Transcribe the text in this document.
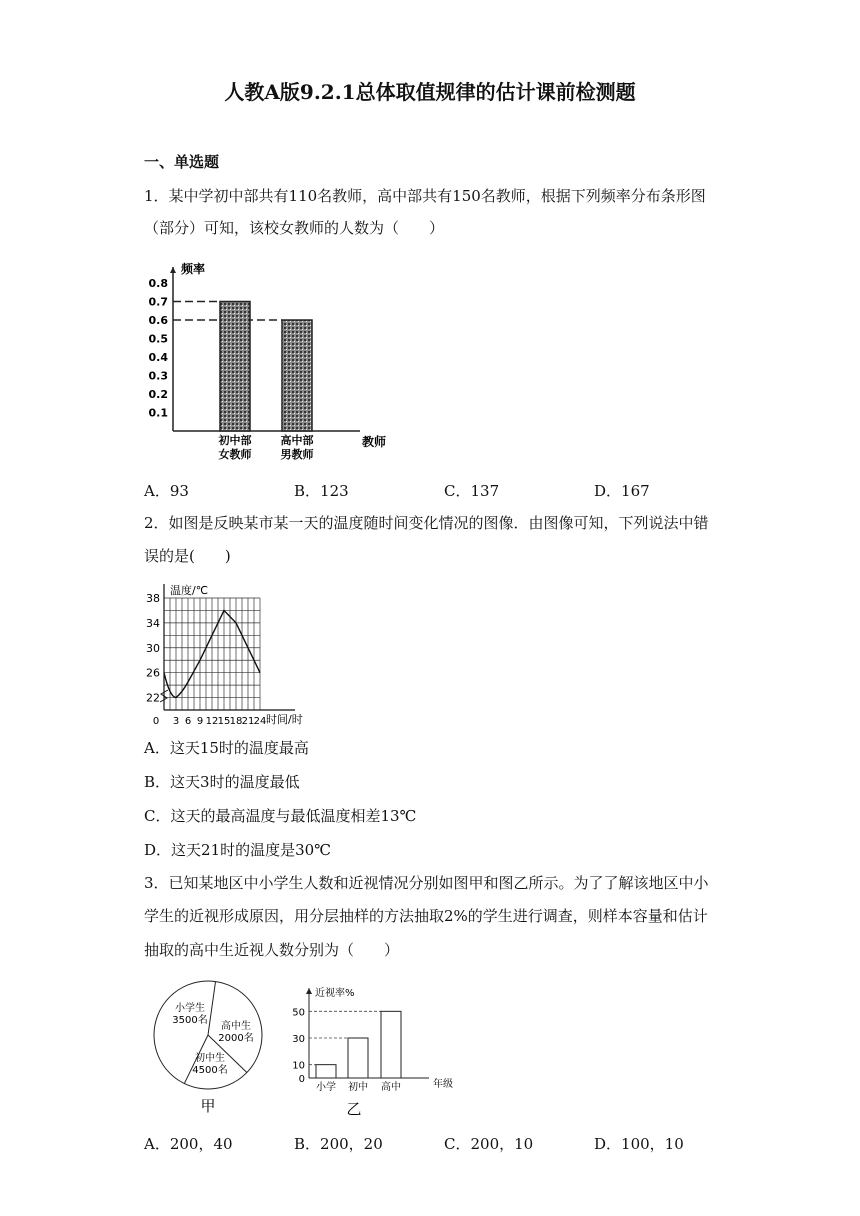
人教A版9.2.1总体取值规律的估计课前检测题
一、单选题
1．某中学初中部共有110名教师，高中部共有150名教师，根据下列频率分布条形图
（部分）可知，该校女教师的人数为（　　）
频率
教师
0.1
0.2
0.3
0.4
0.5
0.6
0.7
0.8
初中部
女教师
高中部
男教师
A．93	B．123	C．137	D．167
2．如图是反映某市某一天的温度随时间变化情况的图像．由图像可知，下列说法中错
误的是(　　)
温度/℃
时间/时
22
26
30
34
38
0 3 6 9 12 15 18 21 24
A．这天15时的温度最高
B．这天3时的温度最低
C．这天的最高温度与最低温度相差13℃
D．这天21时的温度是30℃
3．已知某地区中小学生人数和近视情况分别如图甲和图乙所示。为了了解该地区中小
学生的近视形成原因，用分层抽样的方法抽取2%的学生进行调查，则样本容量和估计
抽取的高中生近视人数分别为（　　）
小学生
3500名
高中生
2000名
初中生
4500名
甲
近视率%
年级
0
10
30
50
小学 初中 高中
乙
A．200，40	B．200，20	C．200，10	D．100，10
